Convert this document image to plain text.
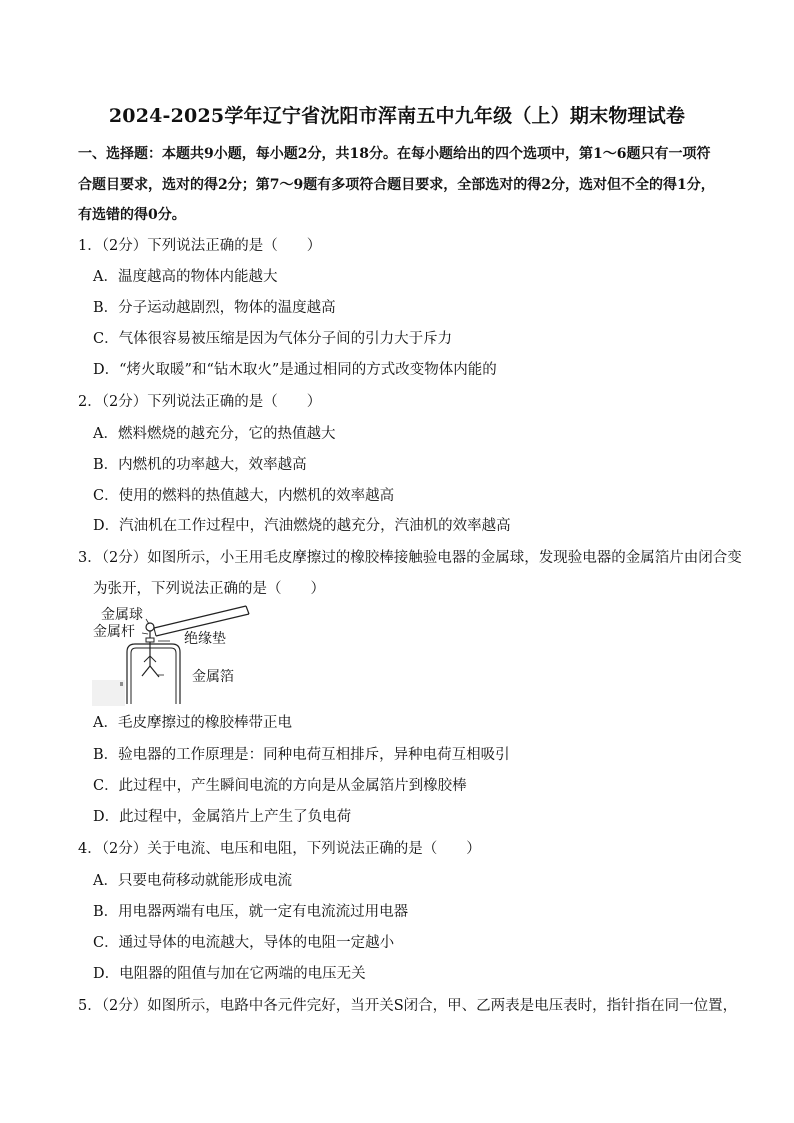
2024-2025学年辽宁省沈阳市浑南五中九年级（上）期末物理试卷
一、选择题：本题共9小题，每小题2分，共18分。在每小题给出的四个选项中，第1～6题只有一项符
合题目要求，选对的得2分；第7～9题有多项符合题目要求，全部选对的得2分，选对但不全的得1分，
有选错的得0分。
1．（2分）下列说法正确的是（　　）
A．温度越高的物体内能越大
B．分子运动越剧烈，物体的温度越高
C．气体很容易被压缩是因为气体分子间的引力大于斥力
D．“烤火取暖”和“钻木取火”是通过相同的方式改变物体内能的
2．（2分）下列说法正确的是（　　）
A．燃料燃烧的越充分，它的热值越大
B．内燃机的功率越大，效率越高
C．使用的燃料的热值越大，内燃机的效率越高
D．汽油机在工作过程中，汽油燃烧的越充分，汽油机的效率越高
3．（2分）如图所示，小王用毛皮摩擦过的橡胶棒接触验电器的金属球，发现验电器的金属箔片由闭合变
为张开，下列说法正确的是（　　）
金属球
金属杆	绝缘垫
金属箔
A．毛皮摩擦过的橡胶棒带正电
B．验电器的工作原理是：同种电荷互相排斥，异种电荷互相吸引
C．此过程中，产生瞬间电流的方向是从金属箔片到橡胶棒
D．此过程中，金属箔片上产生了负电荷
4．（2分）关于电流、电压和电阻，下列说法正确的是（　　）
A．只要电荷移动就能形成电流
B．用电器两端有电压，就一定有电流流过用电器
C．通过导体的电流越大，导体的电阻一定越小
D．电阻器的阻值与加在它两端的电压无关
5．（2分）如图所示，电路中各元件完好，当开关S闭合，甲、乙两表是电压表时，指针指在同一位置，
